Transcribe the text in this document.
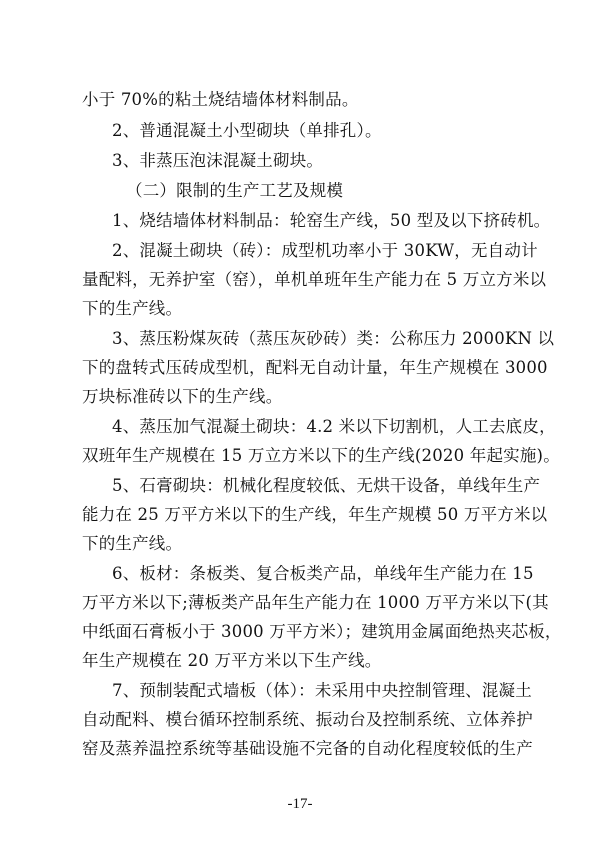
小于 70%的粘土烧结墙体材料制品。
2、普通混凝土小型砌块（单排孔）。
3、非蒸压泡沫混凝土砌块。
（二）限制的生产工艺及规模
1、烧结墙体材料制品：轮窑生产线，50 型及以下挤砖机。
2、混凝土砌块（砖）：成型机功率小于 30KW，无自动计
量配料，无养护室（窑），单机单班年生产能力在 5 万立方米以
下的生产线。
3、蒸压粉煤灰砖（蒸压灰砂砖）类：公称压力 2000KN 以
下的盘转式压砖成型机，配料无自动计量，年生产规模在 3000
万块标准砖以下的生产线。
4、蒸压加气混凝土砌块：4.2 米以下切割机，人工去底皮，
双班年生产规模在 15 万立方米以下的生产线(2020 年起实施)。
5、石膏砌块：机械化程度较低、无烘干设备，单线年生产
能力在 25 万平方米以下的生产线，年生产规模 50 万平方米以
下的生产线。
6、板材：条板类、复合板类产品，单线年生产能力在 15
万平方米以下;薄板类产品年生产能力在 1000 万平方米以下(其
中纸面石膏板小于 3000 万平方米）；建筑用金属面绝热夹芯板，
年生产规模在 20 万平方米以下生产线。
7、预制装配式墙板（体）：未采用中央控制管理、混凝土
自动配料、模台循环控制系统、振动台及控制系统、立体养护
窑及蒸养温控系统等基础设施不完备的自动化程度较低的生产
-17-
